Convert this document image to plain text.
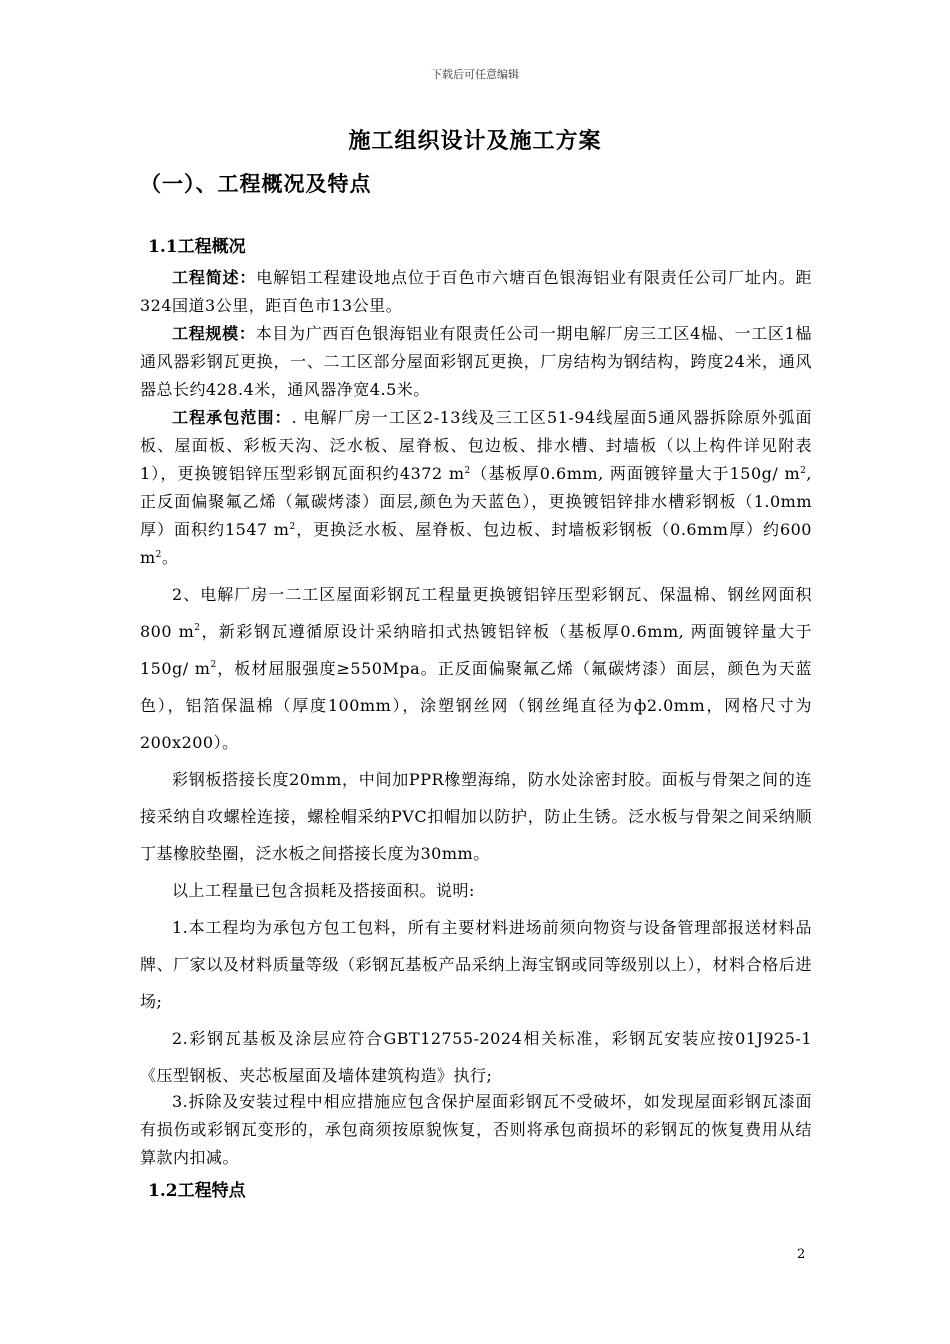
下载后可任意编辑
施工组织设计及施工方案
（一）、工程概况及特点
1.1工程概况

工程简述：电解铝工程建设地点位于百色市六塘百色银海铝业有限责任公司厂址内。距324国道3公里，距百色市13公里。

工程规模：本目为广西百色银海铝业有限责任公司一期电解厂房三工区4榀、一工区1榀通风器彩钢瓦更换，一、二工区部分屋面彩钢瓦更换，厂房结构为钢结构，跨度24米，通风器总长约428.4米，通风器净宽4.5米。

工程承包范围：. 电解厂房一工区2-13线及三工区51-94线屋面5通风器拆除原外弧面板、屋面板、彩板天沟、泛水板、屋脊板、包边板、排水槽、封墙板（以上构件详见附表1），更换镀铝锌压型彩钢瓦面积约4372 $m^2$（基板厚0.6mm, 两面镀锌量大于150g/ $m^2$, 正反面偏聚氟乙烯（氟碳烤漆）面层,颜色为天蓝色），更换镀铝锌排水槽彩钢板（1.0mm厚）面积约1547 $m^2$，更换泛水板、屋脊板、包边板、封墙板彩钢板（0.6mm厚）约600 $m^2$。

2、电解厂房一二工区屋面彩钢瓦工程量更换镀铝锌压型彩钢瓦、保温棉、钢丝网面积800 $m^2$，新彩钢瓦遵循原设计采纳暗扣式热镀铝锌板（基板厚0.6mm, 两面镀锌量大于150g/ $m^2$，板材屈服强度≥550Mpa。正反面偏聚氟乙烯（氟碳烤漆）面层，颜色为天蓝色），铝箔保温棉（厚度100mm），涂塑钢丝网（钢丝绳直径为ф2.0mm，网格尺寸为200x200）。

彩钢板搭接长度20mm，中间加PPR橡塑海绵，防水处涂密封胶。面板与骨架之间的连接采纳自攻螺栓连接，螺栓帽采纳PVC扣帽加以防护，防止生锈。泛水板与骨架之间采纳顺丁基橡胶垫圈，泛水板之间搭接长度为30mm。

以上工程量已包含损耗及搭接面积。说明:

1.本工程均为承包方包工包料，所有主要材料进场前须向物资与设备管理部报送材料品牌、厂家以及材料质量等级（彩钢瓦基板产品采纳上海宝钢或同等级别以上），材料合格后进场;

2.彩钢瓦基板及涂层应符合GBT12755-2024相关标准，彩钢瓦安装应按01J925-1《压型钢板、夹芯板屋面及墙体建筑构造》执行;

3.拆除及安装过程中相应措施应包含保护屋面彩钢瓦不受破坏，如发现屋面彩钢瓦漆面有损伤或彩钢瓦变形的，承包商须按原貌恢复，否则将承包商损坏的彩钢瓦的恢复费用从结算款内扣减。

1.2工程特点
2
